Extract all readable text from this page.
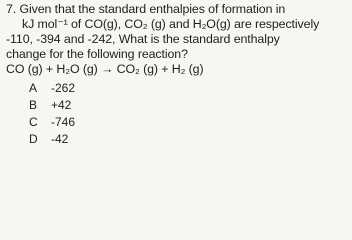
7. Given that the standard enthalpies of formation in
kJ mol⁻¹ of CO(g), CO₂ (g) and H₂O(g) are respectively
-110, -394 and -242, What is the standard enthalpy
change for the following reaction?
CO (g) + H₂O (g) → CO₂ (g) + H₂ (g)
A -262
B +42
C -746
D -42
